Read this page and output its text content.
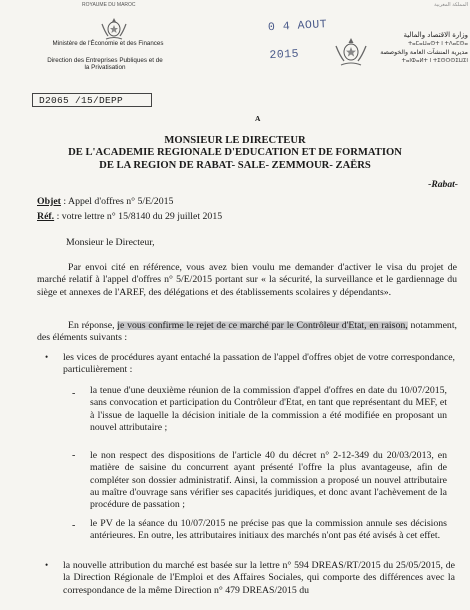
ROYAUME DU MAROC
Ministère de l'Économie et des Finances
Direction des Entreprises Publiques et de la Privatisation
D2065 /15/DEPP
0 4 AOUT 2015
المملكة المغربية
وزارة الاقتصاد والمالية
ⵜⴰⵎⴰⵡⴰⵙⵜ ⵏ ⵜⴷⴰⵎⵙⴰ
مديرية المنشآت العامة والخوصصة
ⵜⴰⵏⵀⴰⵍⵜ ⵏ ⵜⵉⵙⵔⵙⵉⵡⵉⵏ
A
MONSIEUR LE DIRECTEUR
DE L'ACADEMIE REGIONALE D'EDUCATION ET DE FORMATION
DE LA REGION DE RABAT- SALE- ZEMMOUR- ZAËRS
-Rabat-
Objet : Appel d'offres n° 5/E/2015
Réf. : votre lettre n° 15/8140 du 29 juillet 2015
Monsieur le Directeur,
Par envoi cité en référence, vous avez bien voulu me demander d'activer le visa du projet de marché relatif à l'appel d'offres n° 5/E/2015 portant sur « la sécurité, la surveillance et le gardiennage du siège et annexes de l'AREF, des délégations et des établissements scolaires y dépendants».
En réponse, je vous confirme le rejet de ce marché par le Contrôleur d'Etat, en raison, notamment, des éléments suivants :
• les vices de procédures ayant entaché la passation de l'appel d'offres objet de votre correspondance, particulièrement :
- la tenue d'une deuxième réunion de la commission d'appel d'offres en date du 10/07/2015, sans convocation et participation du Contrôleur d'Etat, en tant que représentant du MEF, et à l'issue de laquelle la décision initiale de la commission a été modifiée en proposant un nouvel attributaire ;
- le non respect des dispositions de l'article 40 du décret n° 2-12-349 du 20/03/2013, en matière de saisine du concurrent ayant présenté l'offre la plus avantageuse, afin de compléter son dossier administratif. Ainsi, la commission a proposé un nouvel attributaire au maître d'ouvrage sans vérifier ses capacités juridiques, et donc avant l'achèvement de la procédure de passation ;
- le PV de la séance du 10/07/2015 ne précise pas que la commission annule ses décisions antérieures. En outre, les attributaires initiaux des marchés n'ont pas été avisés à cet effet.
• la nouvelle attribution du marché est basée sur la lettre n° 594 DREAS/RT/2015 du 25/05/2015, de la Direction Régionale de l'Emploi et des Affaires Sociales, qui comporte des différences avec la correspondance de la même Direction n° 479 DREAS/2015 du
